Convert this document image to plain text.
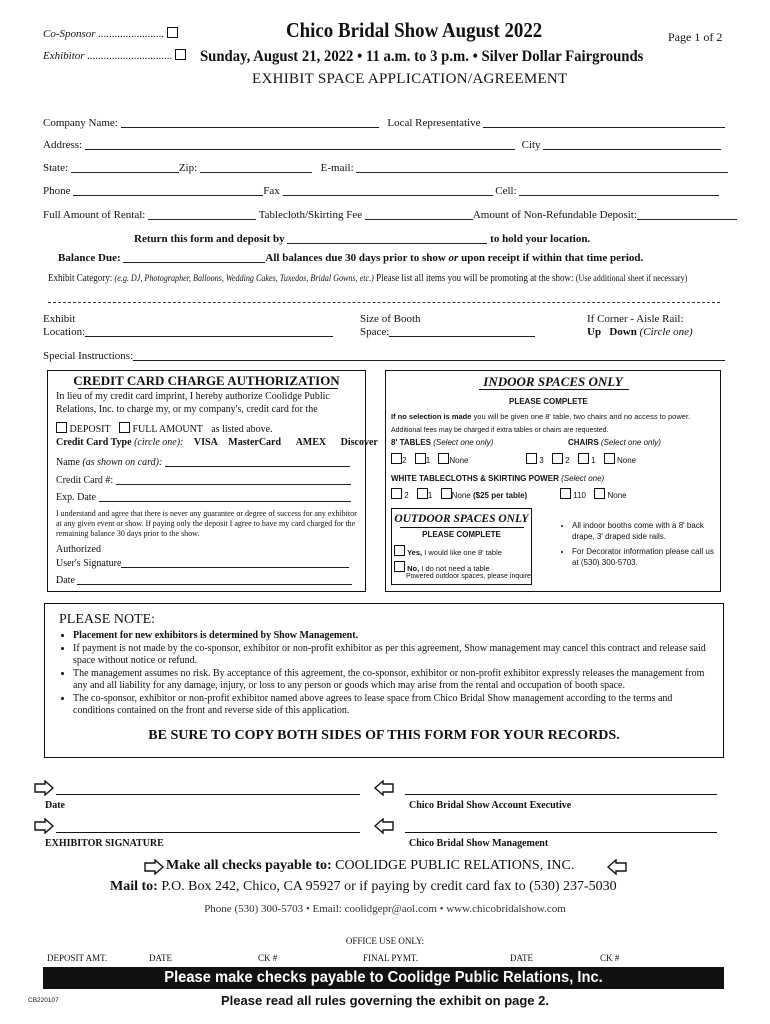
Co-Sponsor ........................
Exhibitor ...............................
Chico Bridal Show August 2022	Page 1 of 2
Sunday, August 21, 2022 • 11 a.m. to 3 p.m. • Silver Dollar Fairgrounds
EXHIBIT SPACE APPLICATION/AGREEMENT
Company Name:	Local Representative
Address:	City
State:	Zip:	E-mail:
Phone	Fax	Cell:
Full Amount of Rental:	Tablecloth/Skirting Fee	Amount of Non-Refundable Deposit:
Return this form and deposit by	to hold your location.
Balance Due:	All balances due 30 days prior to show or upon receipt if within that time period.
Exhibit Category: (e.g. DJ, Photographer, Balloons, Wedding Cakes, Tuxedos, Bridal Gowns, etc.) Please list all items you will be promoting at the show: (Use additional sheet if necessary)
Exhibit
Location:
Size of Booth
Space:
If Corner - Aisle Rail:
Up Down (Circle one)
Special Instructions:
CREDIT CARD CHARGE AUTHORIZATION
In lieu of my credit card imprint, I hereby authorize Coolidge Public Relations, Inc. to charge my, or my company's, credit card for the
DEPOSIT FULL AMOUNT as listed above.
Credit Card Type (circle one): VISA MasterCard AMEX Discover
Name (as shown on card):
Credit Card #:
Exp. Date
I understand and agree that there is never any guarantee or degree of success for any exhibitor at any given event or show. If paying only the deposit I agree to have my card charged for the remaining balance 30 days prior to the show.
Authorized
User's Signature
Date
INDOOR SPACES ONLY
PLEASE COMPLETE
If no selection is made you will be given one 8' table, two chairs and no access to power.
Additional fees may be charged if extra tables or chairs are requested.
8' TABLES (Select one only)	CHAIRS (Select one only)
2 1 None	3	2	1	None
WHITE TABLECLOTHS & SKIRTING POWER (Select one)
2 1 None ($25 per table)	110	None
OUTDOOR SPACES ONLY
PLEASE COMPLETE
Yes, I would like one 8' table
No, I do not need a table
Powered outdoor spaces, please inquire.
• All indoor booths come with a 8' back drape, 3' draped side rails.
• For Decorator information please call us at (530) 300-5703.
PLEASE NOTE:
• Placement for new exhibitors is determined by Show Management.
• If payment is not made by the co-sponsor, exhibitor or non-profit exhibitor as per this agreement, Show management may cancel this contract and release said space without notice or refund.
• The management assumes no risk. By acceptance of this agreement, the co-sponsor, exhibitor or non-profit exhibitor expressly releases the management from any and all liability for any damage, injury, or loss to any person or goods which may arise from the rental and occupation of booth space.
• The co-sponsor, exhibitor or non-profit exhibitor named above agrees to lease space from Chico Bridal Show management according to the terms and conditions contained on the front and reverse side of this application.
BE SURE TO COPY BOTH SIDES OF THIS FORM FOR YOUR RECORDS.
Date	Chico Bridal Show Account Executive
EXHIBITOR SIGNATURE	Chico Bridal Show Management
Make all checks payable to: COOLIDGE PUBLIC RELATIONS, INC.
Mail to: P.O. Box 242, Chico, CA 95927 or if paying by credit card fax to (530) 237-5030
Phone (530) 300-5703 • Email: coolidgepr@aol.com • www.chicobridalshow.com
OFFICE USE ONLY:
DEPOSIT AMT.	DATE	CK #	FINAL PYMT.	DATE	CK #
Please make checks payable to Coolidge Public Relations, Inc.
CB220107	Please read all rules governing the exhibit on page 2.
